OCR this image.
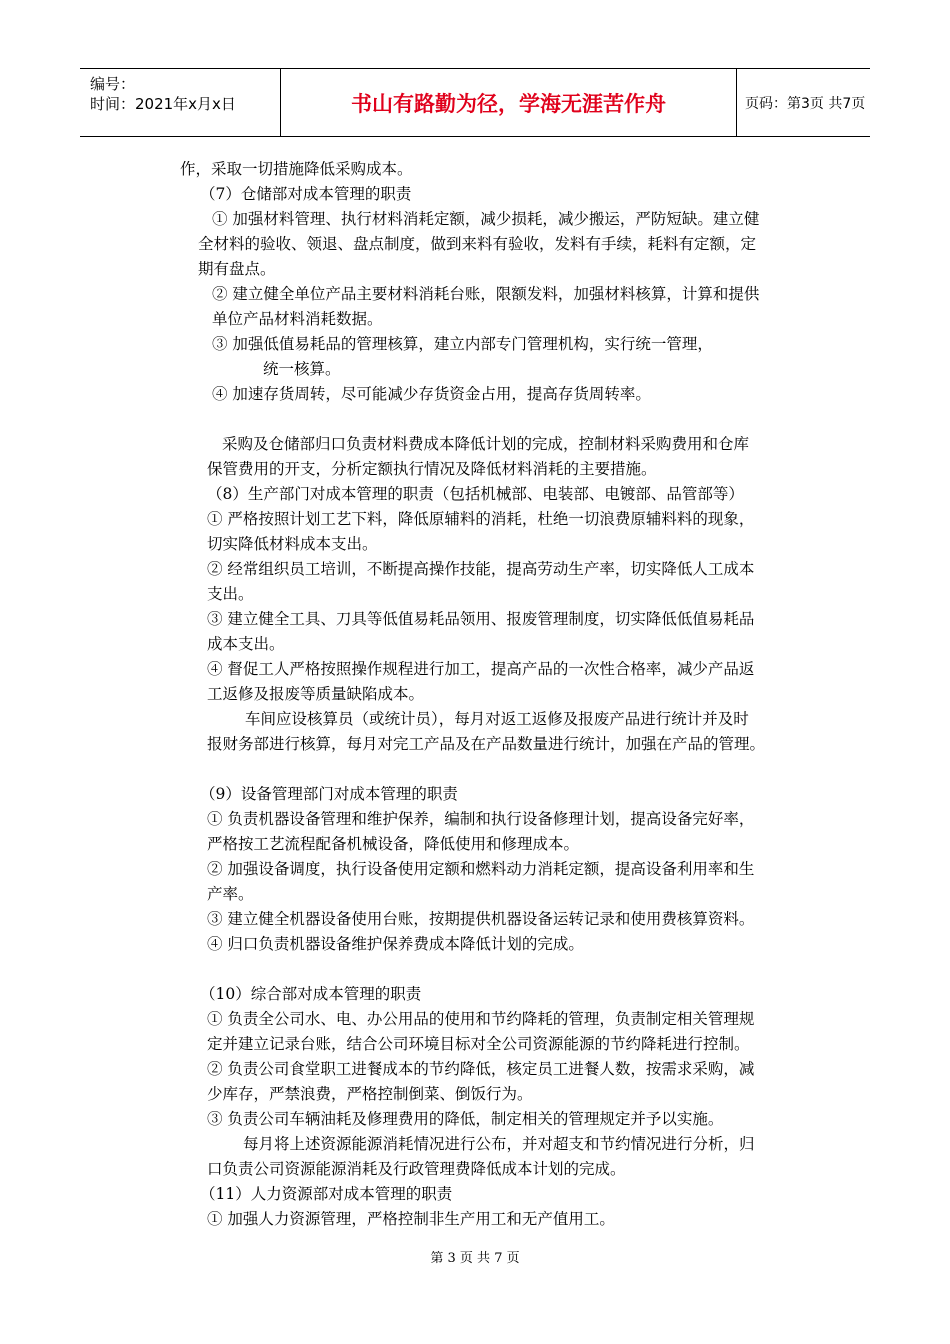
编号：
时间：2021年x月x日	书山有路勤为径，学海无涯苦作舟	页码：第3页 共7页
作，采取一切措施降低采购成本。
（7）仓储部对成本管理的职责
① 加强材料管理、执行材料消耗定额，减少损耗，减少搬运，严防短缺。建立健
全材料的验收、领退、盘点制度，做到来料有验收，发料有手续，耗料有定额，定
期有盘点。
② 建立健全单位产品主要材料消耗台账，限额发料，加强材料核算，计算和提供
单位产品材料消耗数据。
③ 加强低值易耗品的管理核算，建立内部专门管理机构，实行统一管理，
统一核算。
④ 加速存货周转，尽可能减少存货资金占用，提高存货周转率。
采购及仓储部归口负责材料费成本降低计划的完成，控制材料采购费用和仓库
保管费用的开支，分析定额执行情况及降低材料消耗的主要措施。
（8）生产部门对成本管理的职责（包括机械部、电装部、电镀部、品管部等）
① 严格按照计划工艺下料，降低原辅料的消耗，杜绝一切浪费原辅料料的现象，
切实降低材料成本支出。
② 经常组织员工培训，不断提高操作技能，提高劳动生产率，切实降低人工成本
支出。
③ 建立健全工具、刀具等低值易耗品领用、报废管理制度，切实降低低值易耗品
成本支出。
④ 督促工人严格按照操作规程进行加工，提高产品的一次性合格率，减少产品返
工返修及报废等质量缺陷成本。
车间应设核算员（或统计员），每月对返工返修及报废产品进行统计并及时
报财务部进行核算，每月对完工产品及在产品数量进行统计，加强在产品的管理。
（9）设备管理部门对成本管理的职责
① 负责机器设备管理和维护保养，编制和执行设备修理计划，提高设备完好率，
严格按工艺流程配备机械设备，降低使用和修理成本。
② 加强设备调度，执行设备使用定额和燃料动力消耗定额，提高设备利用率和生
产率。
③ 建立健全机器设备使用台账，按期提供机器设备运转记录和使用费核算资料。
④ 归口负责机器设备维护保养费成本降低计划的完成。
（10）综合部对成本管理的职责
① 负责全公司水、电、办公用品的使用和节约降耗的管理，负责制定相关管理规
定并建立记录台账，结合公司环境目标对全公司资源能源的节约降耗进行控制。
② 负责公司食堂职工进餐成本的节约降低，核定员工进餐人数，按需求采购，减
少库存，严禁浪费，严格控制倒菜、倒饭行为。
③ 负责公司车辆油耗及修理费用的降低，制定相关的管理规定并予以实施。
每月将上述资源能源消耗情况进行公布，并对超支和节约情况进行分析，归
口负责公司资源能源消耗及行政管理费降低成本计划的完成。
（11）人力资源部对成本管理的职责
① 加强人力资源管理，严格控制非生产用工和无产值用工。
第 3 页 共 7 页
